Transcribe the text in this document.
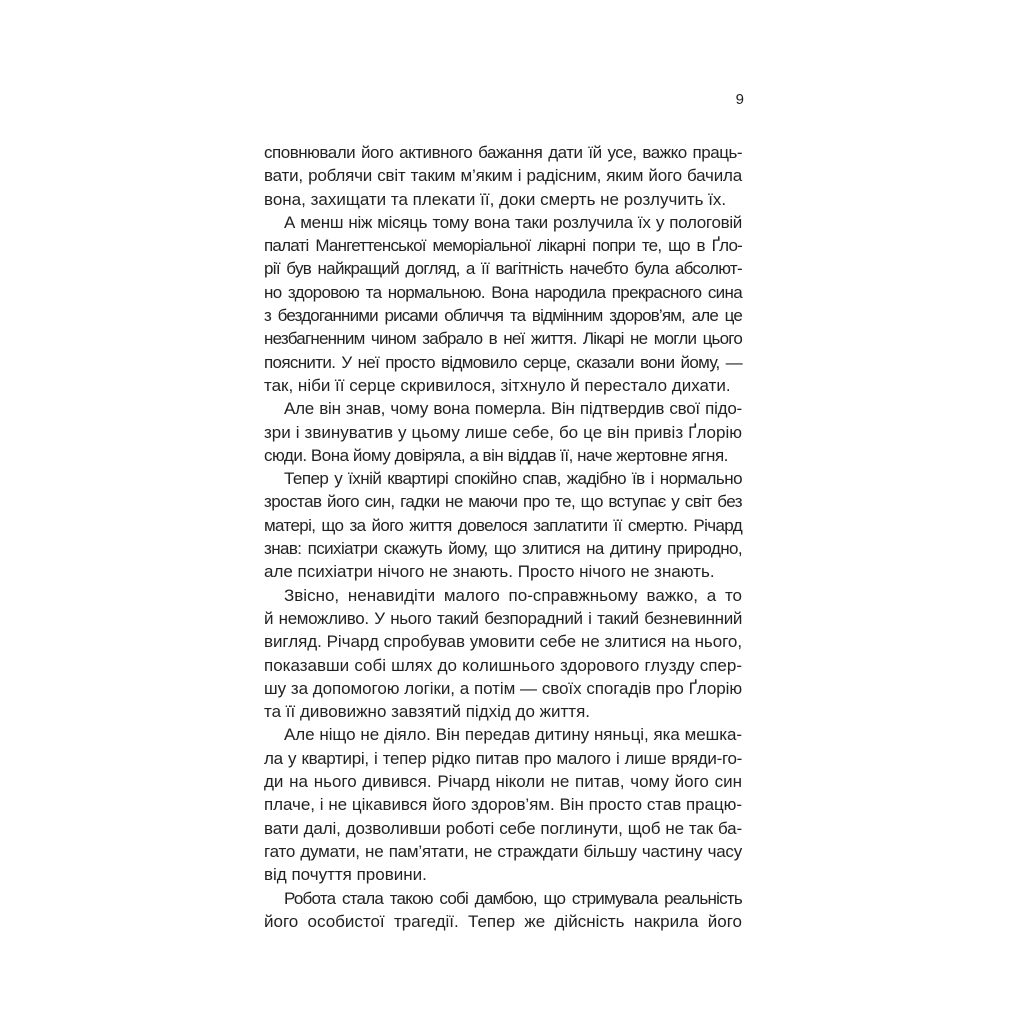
9
сповнювали його активного бажання дати їй усе, важко праць-
вати, роблячи світ таким м’яким і радісним, яким його бачила
вона, захищати та плекати її, доки смерть не розлучить їх.
А менш ніж місяць тому вона таки розлучила їх у пологовій
палаті Мангеттенської меморіальної лікарні попри те, що в Ґло-
рії був найкращий догляд, а її вагітність начебто була абсолют-
но здоровою та нормальною. Вона народила прекрасного сина
з бездоганними рисами обличчя та відмінним здоров’ям, але це
незбагненним чином забрало в неї життя. Лікарі не могли цього
пояснити. У неї просто відмовило серце, сказали вони йому, —
так, ніби її серце скривилося, зітхнуло й перестало дихати.
Але він знав, чому вона померла. Він підтвердив свої підо-
зри і звинуватив у цьому лише себе, бо це він привіз Ґлорію
сюди. Вона йому довіряла, а він віддав її, наче жертовне ягня.
Тепер у їхній квартирі спокійно спав, жадібно їв і нормально
зростав його син, гадки не маючи про те, що вступає у світ без
матері, що за його життя довелося заплатити її смертю. Річард
знав: психіатри скажуть йому, що злитися на дитину природно,
але психіатри нічого не знають. Просто нічого не знають.
Звісно, ненавидіти малого по-справжньому важко, а то
й неможливо. У нього такий безпорадний і такий безневинний
вигляд. Річард спробував умовити себе не злитися на нього,
показавши собі шлях до колишнього здорового глузду спер-
шу за допомогою логіки, а потім — своїх спогадів про Ґлорію
та її дивовижно завзятий підхід до життя.
Але ніщо не діяло. Він передав дитину няньці, яка мешка-
ла у квартирі, і тепер рідко питав про малого і лише вряди-го-
ди на нього дивився. Річард ніколи не питав, чому його син
плаче, і не цікавився його здоров’ям. Він просто став працю-
вати далі, дозволивши роботі себе поглинути, щоб не так ба-
гато думати, не пам’ятати, не страждати більшу частину часу
від почуття провини.
Робота стала такою собі дамбою, що стримувала реальність
його особистої трагедії. Тепер же дійсність накрила його
